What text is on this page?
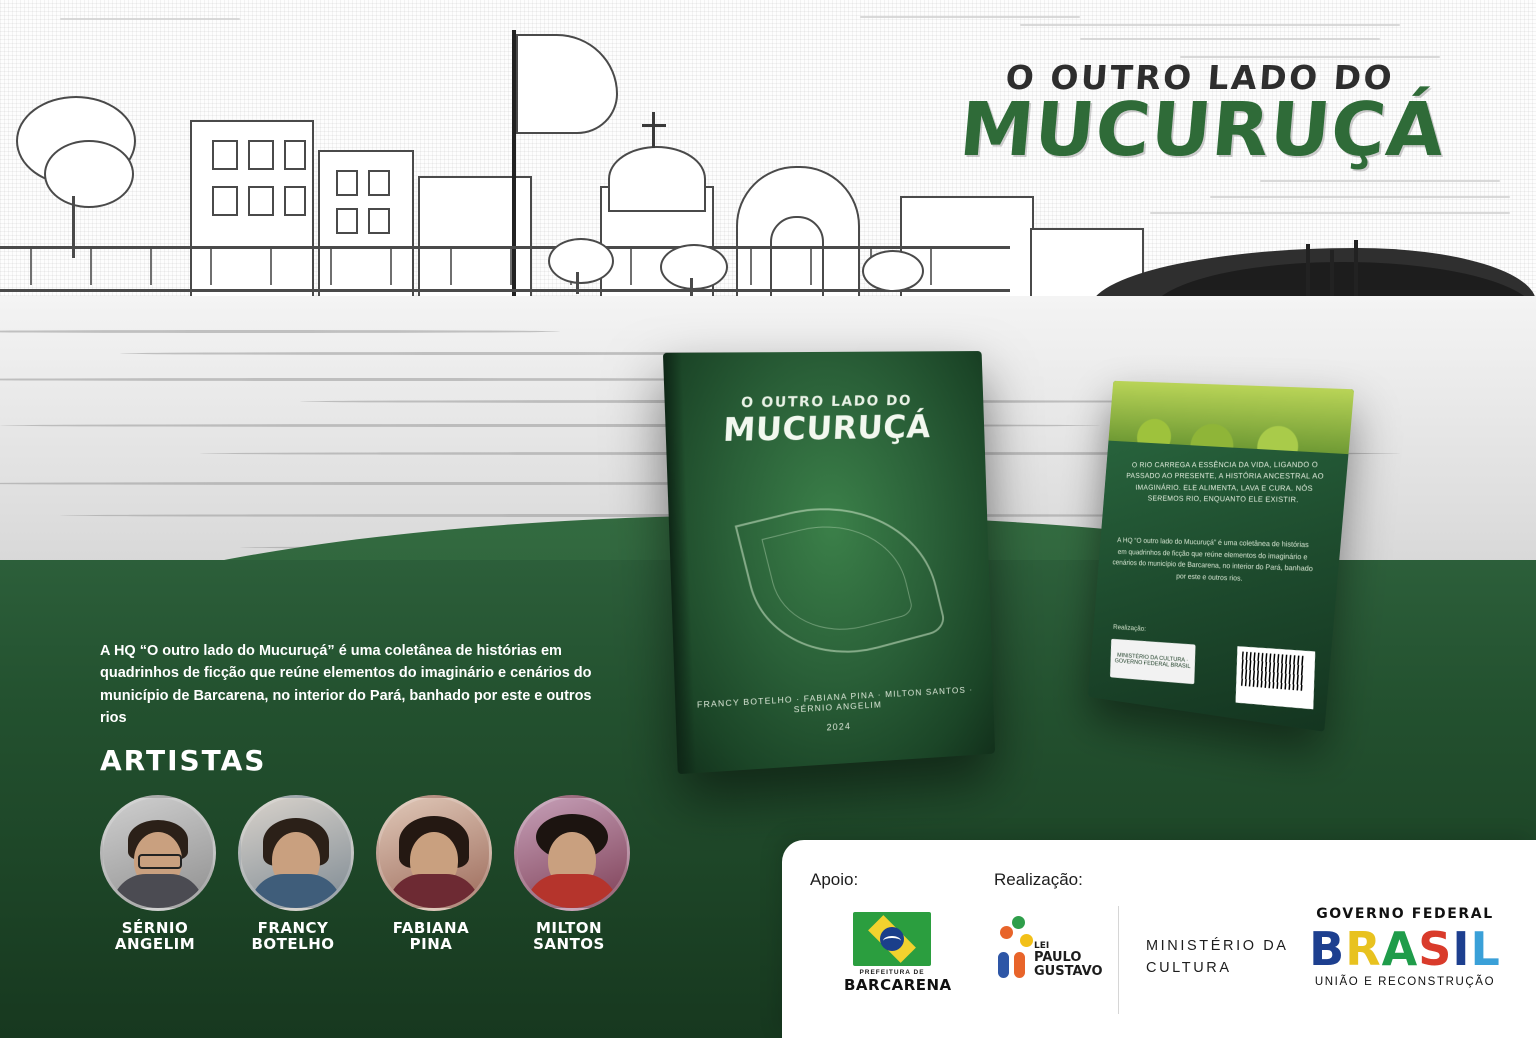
O OUTRO LADO DO
MUCURUÇÁ
O RIO CARREGA A ESSÊNCIA DA VIDA, LIGANDO O PASSADO AO PRESENTE, A HISTÓRIA ANCESTRAL AO IMAGINÁRIO. ELE ALIMENTA, LAVA E CURA. NÓS SEREMOS RIO, ENQUANTO ELE EXISTIR.
A HQ “O outro lado do Mucuruçá” é uma coletânea de histórias em quadrinhos de ficção que reúne elementos do imaginário e cenários do município de Barcarena, no interior do Pará, banhado por este e outros rios.
Realização:
MINISTÉRIO DA CULTURA · GOVERNO FEDERAL BRASIL
O OUTRO LADO DO
MUCURUÇÁ
FRANCY BOTELHO · FABIANA PINA · MILTON SANTOS · SÉRNIO ANGELIM
2024
A HQ “O outro lado do Mucuruçá” é uma coletânea de histórias em quadrinhos de ficção que reúne elementos do imaginário e cenários do município de Barcarena, no interior do Pará, banhado por este e outros rios
ARTISTAS
SÉRNIO
ANGELIM
FRANCY
BOTELHO
FABIANA
PINA
MILTON
SANTOS
Apoio:	Realização:
PREFEITURA DE
BARCARENA
LEI
PAULO
GUSTAVO
MINISTÉRIO DA
CULTURA
GOVERNO FEDERAL
BRASIL
UNIÃO E RECONSTRUÇÃO
